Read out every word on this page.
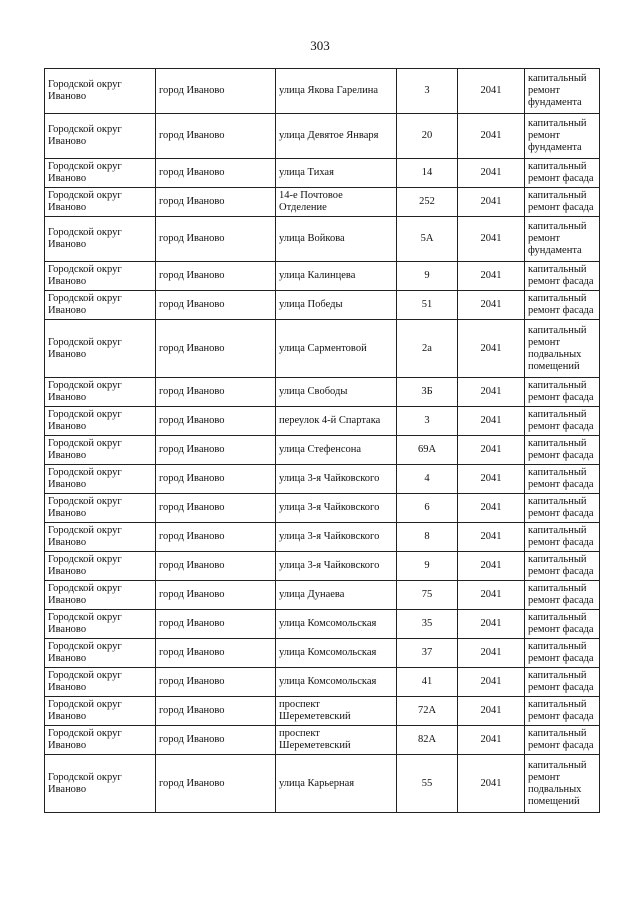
303
Городской округ Иваново	город Иваново	улица Якова Гарелина	3	2041	капитальный ремонт фундамента
Городской округ Иваново	город Иваново	улица Девятое Января	20	2041	капитальный ремонт фундамента
Городской округ Иваново	город Иваново	улица Тихая	14	2041	капитальный ремонт фасада
Городской округ Иваново	город Иваново	14-е Почтовое Отделение	252	2041	капитальный ремонт фасада
Городской округ Иваново	город Иваново	улица Войкова	5А	2041	капитальный ремонт фундамента
Городской округ Иваново	город Иваново	улица Калинцева	9	2041	капитальный ремонт фасада
Городской округ Иваново	город Иваново	улица Победы	51	2041	капитальный ремонт фасада
Городской округ Иваново	город Иваново	улица Сарментовой	2а	2041	капитальный ремонт подвальных помещений
Городской округ Иваново	город Иваново	улица Свободы	3Б	2041	капитальный ремонт фасада
Городской округ Иваново	город Иваново	переулок 4-й Спартака	3	2041	капитальный ремонт фасада
Городской округ Иваново	город Иваново	улица Стефенсона	69А	2041	капитальный ремонт фасада
Городской округ Иваново	город Иваново	улица 3-я Чайковского	4	2041	капитальный ремонт фасада
Городской округ Иваново	город Иваново	улица 3-я Чайковского	6	2041	капитальный ремонт фасада
Городской округ Иваново	город Иваново	улица 3-я Чайковского	8	2041	капитальный ремонт фасада
Городской округ Иваново	город Иваново	улица 3-я Чайковского	9	2041	капитальный ремонт фасада
Городской округ Иваново	город Иваново	улица Дунаева	75	2041	капитальный ремонт фасада
Городской округ Иваново	город Иваново	улица Комсомольская	35	2041	капитальный ремонт фасада
Городской округ Иваново	город Иваново	улица Комсомольская	37	2041	капитальный ремонт фасада
Городской округ Иваново	город Иваново	улица Комсомольская	41	2041	капитальный ремонт фасада
Городской округ Иваново	город Иваново	проспект Шереметевский	72А	2041	капитальный ремонт фасада
Городской округ Иваново	город Иваново	проспект Шереметевский	82А	2041	капитальный ремонт фасада
Городской округ Иваново	город Иваново	улица Карьерная	55	2041	капитальный ремонт подвальных помещений
